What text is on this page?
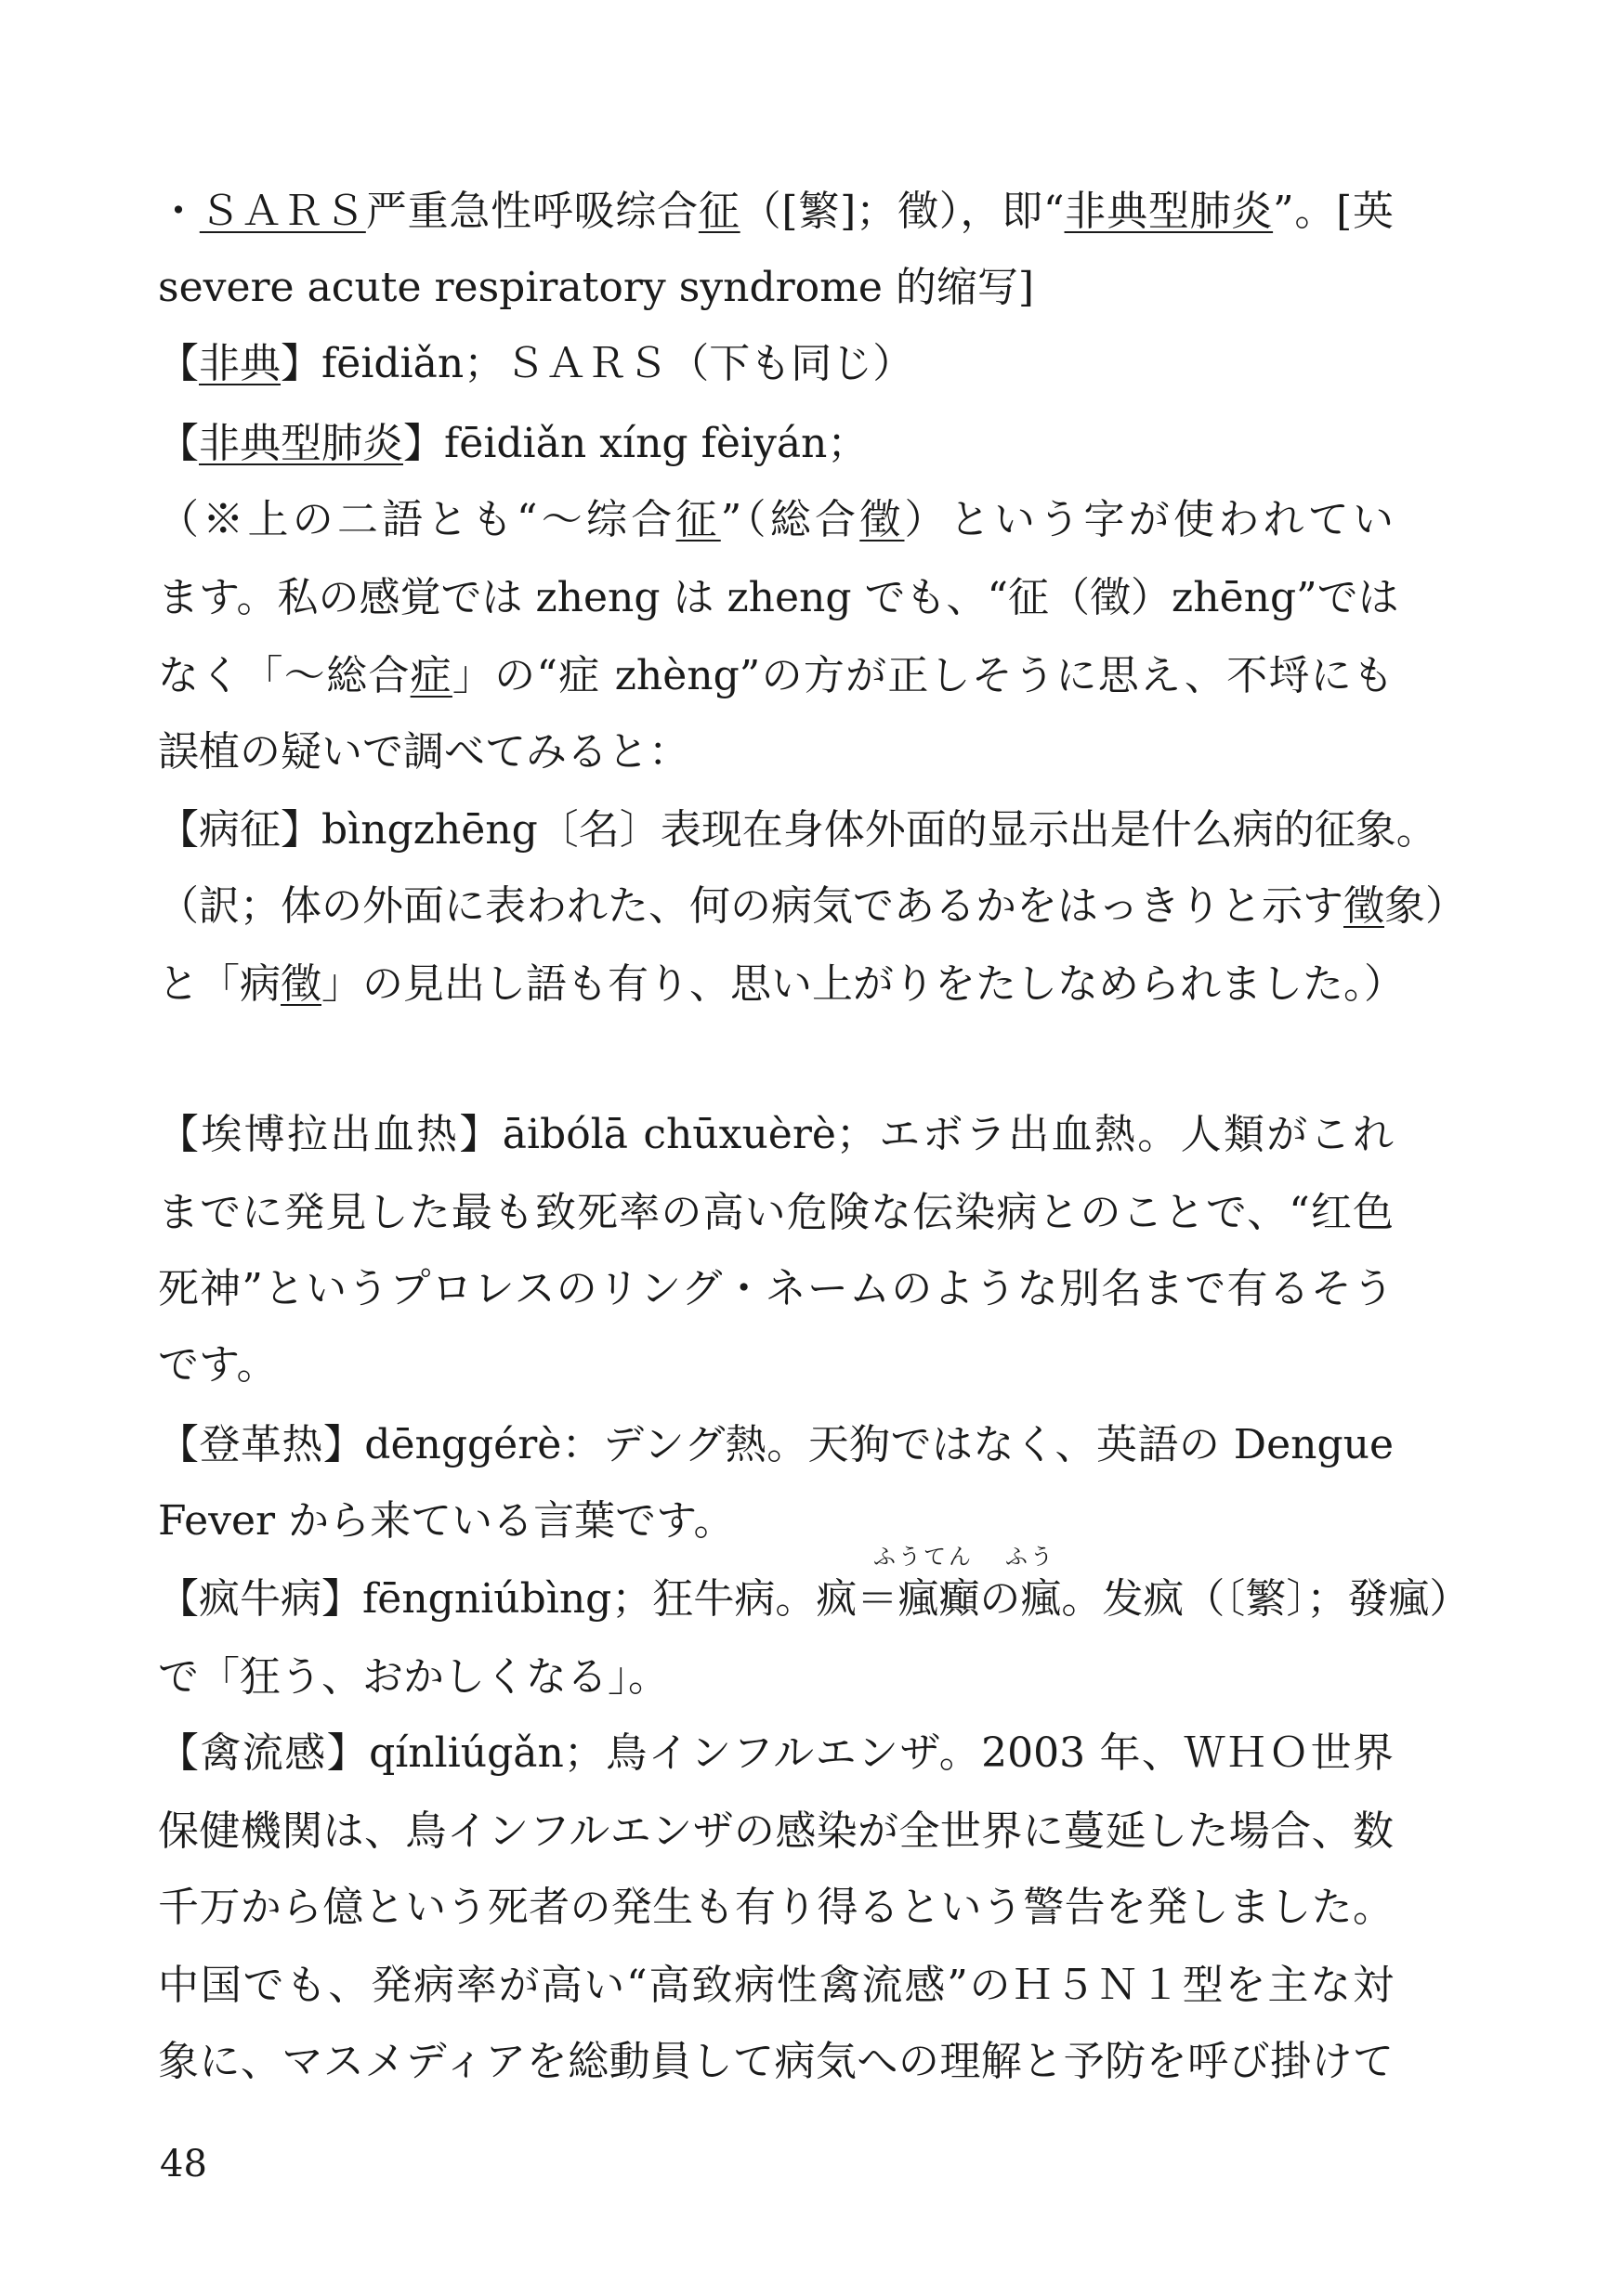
・ＳＡＲＳ严重急性呼吸综合征（[繁]；徵），即“非典型肺炎”。[英
severe acute respiratory syndrome 的缩写]
【非典】fēidiǎn；ＳＡＲＳ（下も同じ）
【非典型肺炎】fēidiǎn xíng fèiyán；
（※上の二語とも“～综合征”（総合徵）という字が使われてい
ます。私の感覚では zheng は zheng でも、“征（徵）zhēng”では
なく「～総合症」の“症 zhèng”の方が正しそうに思え、不埒にも
誤植の疑いで調べてみると：
【病征】bìngzhēng〔名〕表现在身体外面的显示出是什么病的征象。
（訳；体の外面に表われた、何の病気であるかをはっきりと示す徵象）
と「病徵」の見出し語も有り、思い上がりをたしなめられました。）
【埃博拉出血热】āibólā chūxuèrè；エボラ出血熱。人類がこれ
までに発見した最も致死率の高い危険な伝染病とのことで、“红色
死神”というプロレスのリング・ネームのような別名まで有るそう
です。
【登革热】dēnggérè：デング熱。天狗ではなく、英語の Dengue
Fever から来ている言葉です。
ふうてん ふう
【疯牛病】fēngniúbìng；狂牛病。疯＝瘋癲の瘋。发疯（〔繁〕；發瘋）
で「狂う、おかしくなる」。
【禽流感】qínliúgǎn；鳥インフルエンザ。2003 年、ＷＨＯ世界
保健機関は、鳥インフルエンザの感染が全世界に蔓延した場合、数
千万から億という死者の発生も有り得るという警告を発しました。
中国でも、発病率が高い“高致病性禽流感”のＨ５Ｎ１型を主な対
象に、マスメディアを総動員して病気への理解と予防を呼び掛けて
48
